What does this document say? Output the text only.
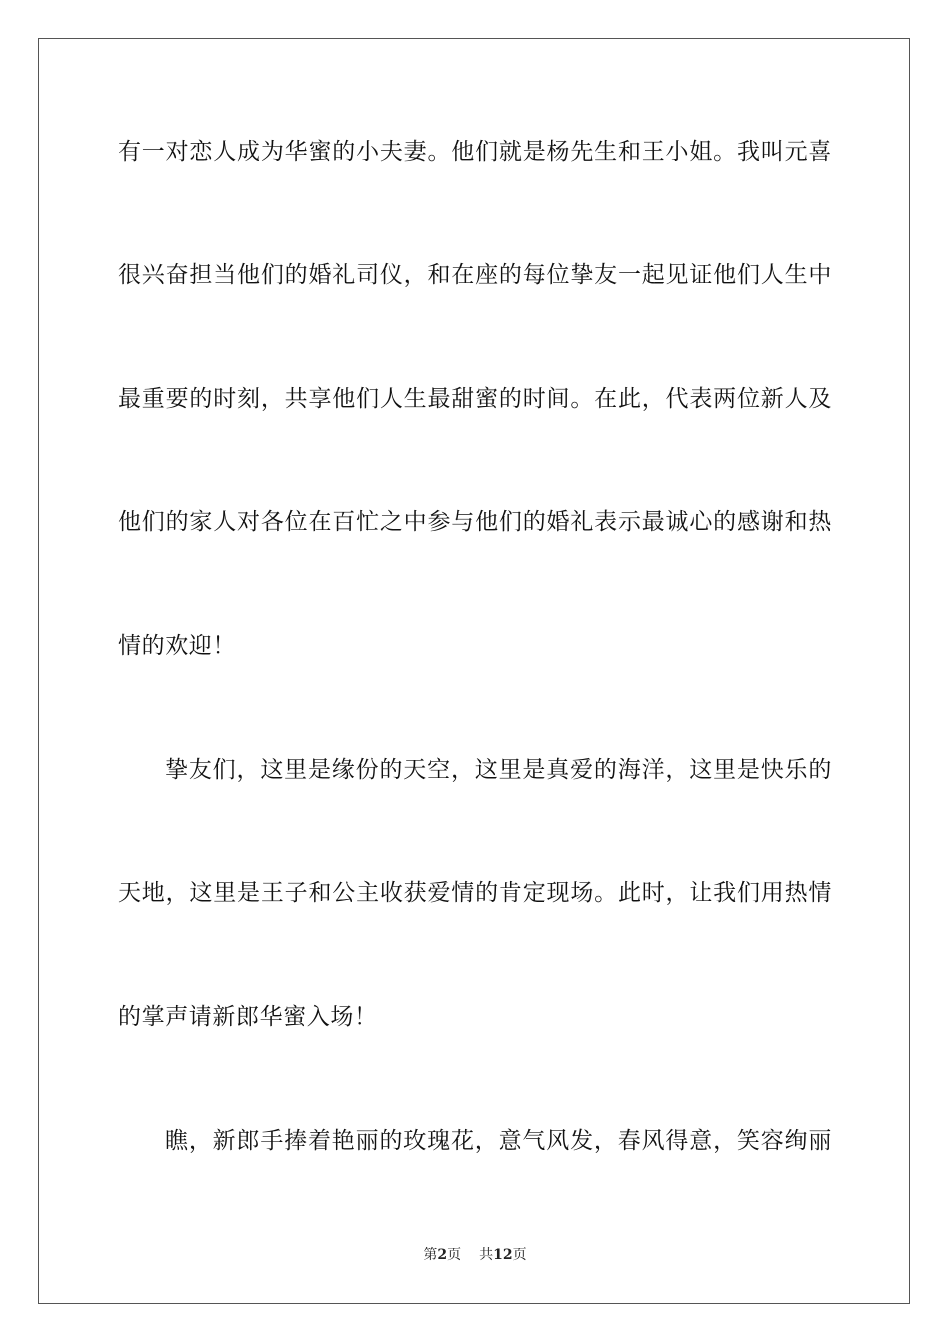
有一对恋人成为华蜜的小夫妻。他们就是杨先生和王小姐。我叫元喜
很兴奋担当他们的婚礼司仪，和在座的每位挚友一起见证他们人生中
最重要的时刻，共享他们人生最甜蜜的时间。在此，代表两位新人及
他们的家人对各位在百忙之中参与他们的婚礼表示最诚心的感谢和热
情的欢迎！
挚友们，这里是缘份的天空，这里是真爱的海洋，这里是快乐的
天地，这里是王子和公主收获爱情的肯定现场。此时，让我们用热情
的掌声请新郎华蜜入场！
瞧，新郎手捧着艳丽的玫瑰花，意气风发，春风得意，笑容绚丽
第2页 共12页
